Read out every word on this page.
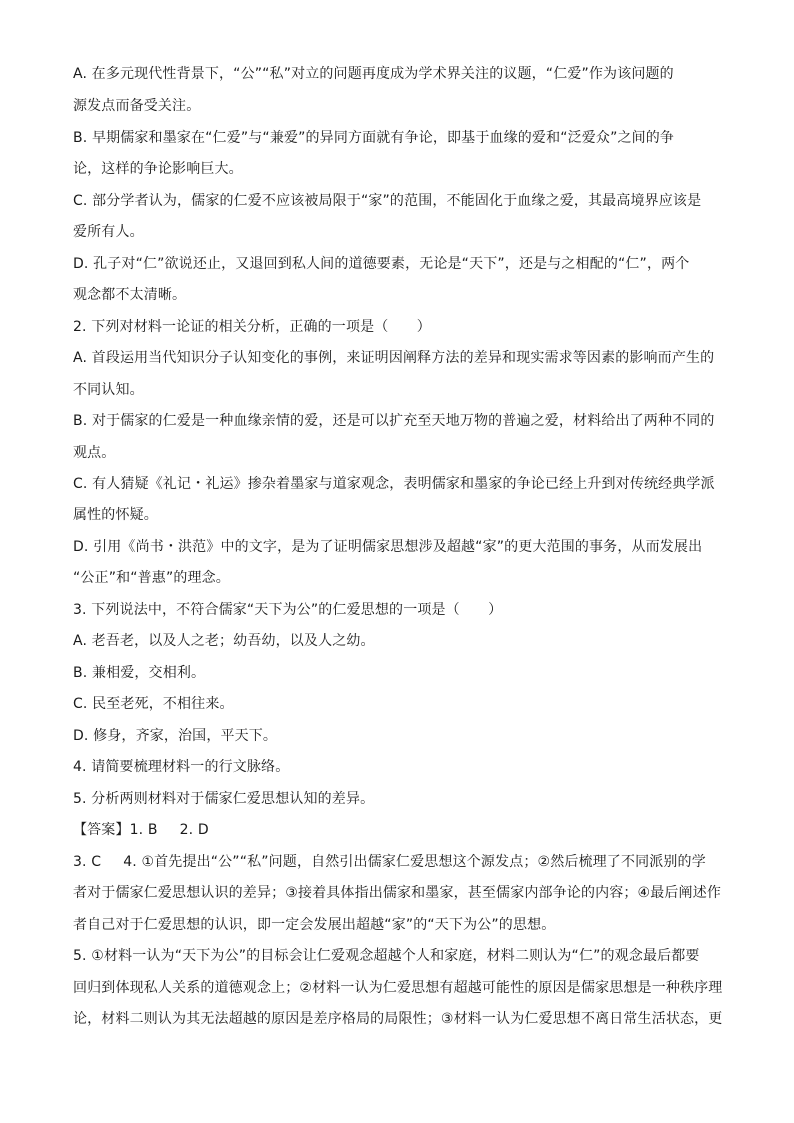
A. 在多元现代性背景下，“公”“私”对立的问题再度成为学术界关注的议题，“仁爱”作为该问题的
源发点而备受关注。
B. 早期儒家和墨家在“仁爱”与“兼爱”的异同方面就有争论，即基于血缘的爱和“泛爱众”之间的争
论，这样的争论影响巨大。
C. 部分学者认为，儒家的仁爱不应该被局限于“家”的范围，不能固化于血缘之爱，其最高境界应该是
爱所有人。
D. 孔子对“仁”欲说还止，又退回到私人间的道德要素，无论是“天下”，还是与之相配的“仁”，两个
观念都不太清晰。
2. 下列对材料一论证的相关分析，正确的一项是（　　）
A. 首段运用当代知识分子认知变化的事例，来证明因阐释方法的差异和现实需求等因素的影响而产生的
不同认知。
B. 对于儒家的仁爱是一种血缘亲情的爱，还是可以扩充至天地万物的普遍之爱，材料给出了两种不同的
观点。
C. 有人猜疑《礼记・礼运》掺杂着墨家与道家观念，表明儒家和墨家的争论已经上升到对传统经典学派
属性的怀疑。
D. 引用《尚书・洪范》中的文字，是为了证明儒家思想涉及超越“家”的更大范围的事务，从而发展出
“公正”和“普惠”的理念。
3. 下列说法中，不符合儒家“天下为公”的仁爱思想的一项是（　　）
A. 老吾老，以及人之老；幼吾幼，以及人之幼。
B. 兼相爱，交相利。
C. 民至老死，不相往来。
D. 修身，齐家，治国，平天下。
4. 请简要梳理材料一的行文脉络。
5. 分析两则材料对于儒家仁爱思想认知的差异。
【答案】1. B 2. D
3. C 4. ①首先提出“公”“私”问题，自然引出儒家仁爱思想这个源发点；②然后梳理了不同派别的学
者对于儒家仁爱思想认识的差异；③接着具体指出儒家和墨家，甚至儒家内部争论的内容；④最后阐述作
者自己对于仁爱思想的认识，即一定会发展出超越“家”的“天下为公”的思想。
5. ①材料一认为“天下为公”的目标会让仁爱观念超越个人和家庭，材料二则认为“仁”的观念最后都要
回归到体现私人关系的道德观念上；②材料一认为仁爱思想有超越可能性的原因是儒家思想是一种秩序理
论，材料二则认为其无法超越的原因是差序格局的局限性；③材料一认为仁爱思想不离日常生活状态，更
